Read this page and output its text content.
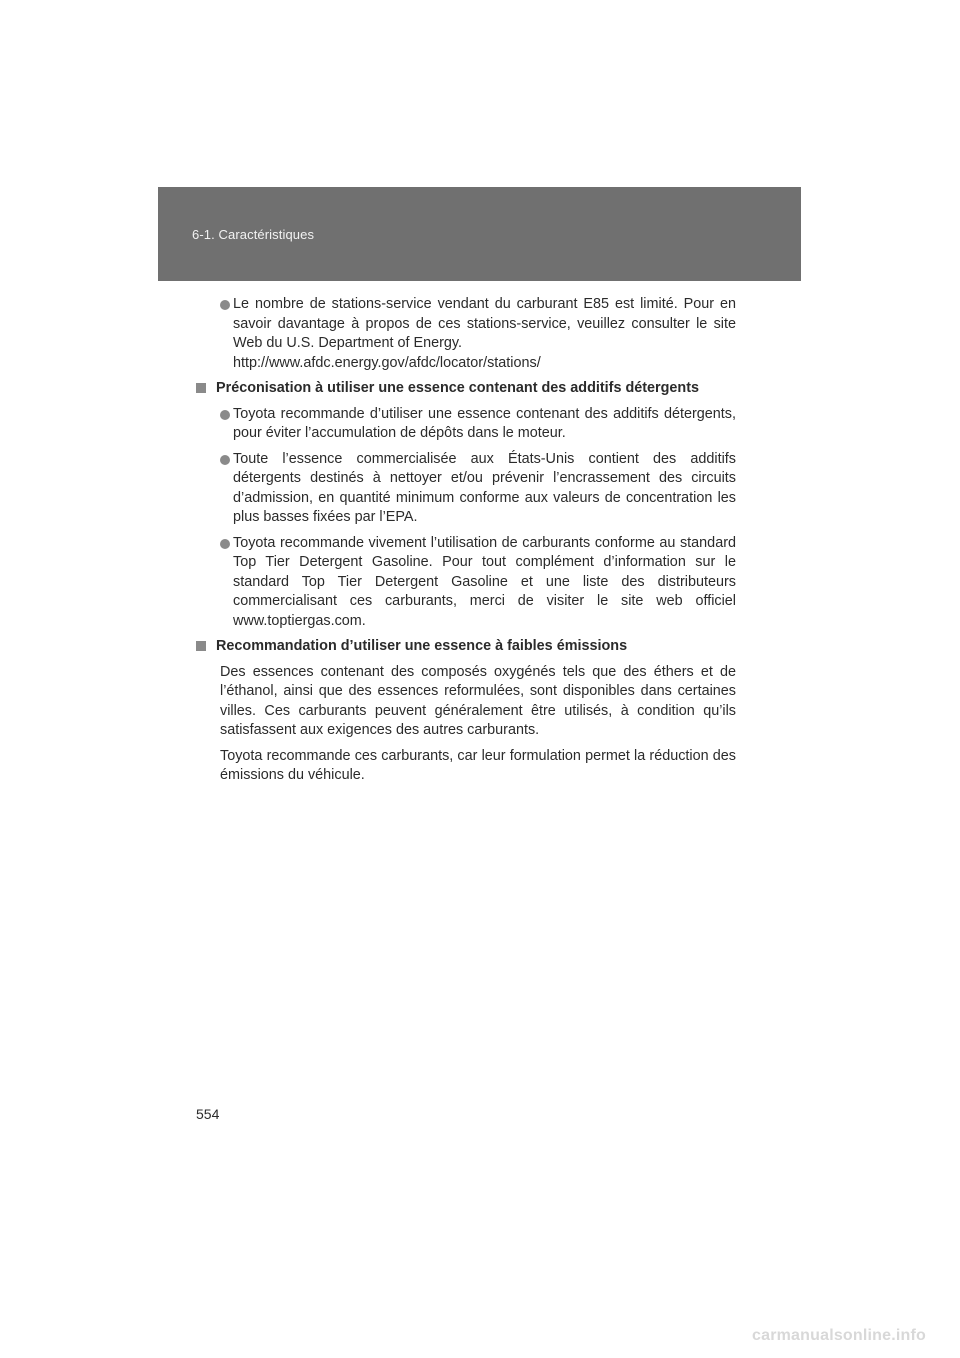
6-1. Caractéristiques

Le nombre de stations-service vendant du carburant E85 est limité. Pour en savoir davantage à propos de ces stations-service, veuillez consulter le site Web du U.S. Department of Energy.
http://www.afdc.energy.gov/afdc/locator/stations/

Préconisation à utiliser une essence contenant des additifs détergents

Toyota recommande d’utiliser une essence contenant des additifs détergents, pour éviter l’accumulation de dépôts dans le moteur.

Toute l’essence commercialisée aux États-Unis contient des additifs détergents destinés à nettoyer et/ou prévenir l’encrassement des circuits d’admission, en quantité minimum conforme aux valeurs de concentration les plus basses fixées par l’EPA.

Toyota recommande vivement l’utilisation de carburants conforme au standard Top Tier Detergent Gasoline. Pour tout complément d’information sur le standard Top Tier Detergent Gasoline et une liste des distributeurs commercialisant ces carburants, merci de visiter le site web officiel www.toptiergas.com.

Recommandation d’utiliser une essence à faibles émissions

Des essences contenant des composés oxygénés tels que des éthers et de l’éthanol, ainsi que des essences reformulées, sont disponibles dans certaines villes. Ces carburants peuvent généralement être utilisés, à condition qu’ils satisfassent aux exigences des autres carburants.

Toyota recommande ces carburants, car leur formulation permet la réduction des émissions du véhicule.

554
carmanualsonline.info
